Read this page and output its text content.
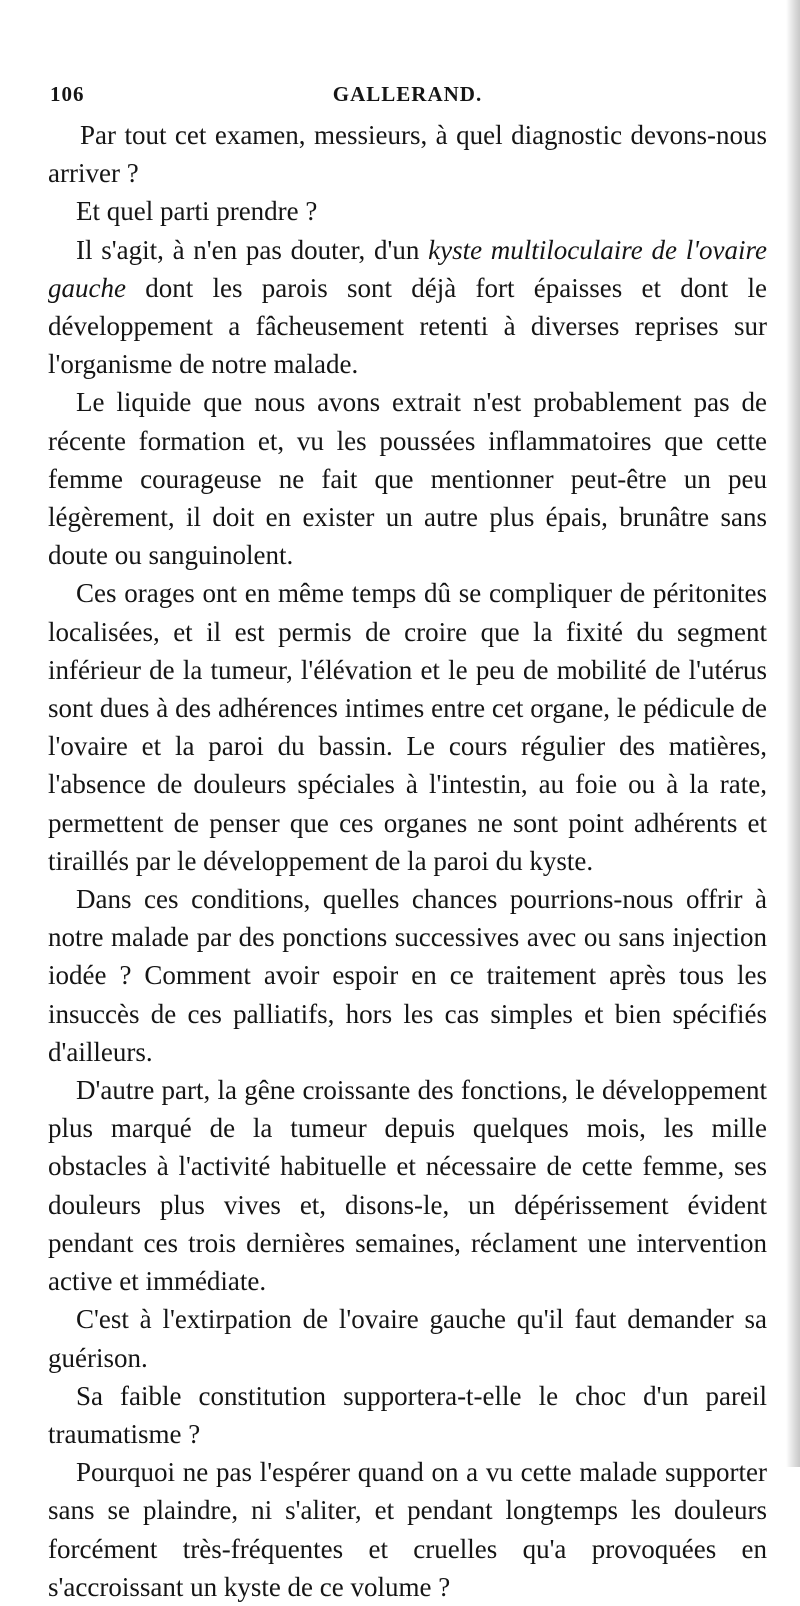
106	GALLERAND.

Par tout cet examen, messieurs, à quel diagnostic devons-nous arriver ?

Et quel parti prendre ?

Il s'agit, à n'en pas douter, d'un kyste multiloculaire de l'ovaire gauche dont les parois sont déjà fort épaisses et dont le développement a fâcheusement retenti à diverses reprises sur l'organisme de notre malade.

Le liquide que nous avons extrait n'est probablement pas de récente formation et, vu les poussées inflammatoires que cette femme courageuse ne fait que mentionner peut-être un peu légèrement, il doit en exister un autre plus épais, brunâtre sans doute ou sanguinolent.

Ces orages ont en même temps dû se compliquer de péritonites localisées, et il est permis de croire que la fixité du segment inférieur de la tumeur, l'élévation et le peu de mobilité de l'utérus sont dues à des adhérences intimes entre cet organe, le pédicule de l'ovaire et la paroi du bassin. Le cours régulier des matières, l'absence de douleurs spéciales à l'intestin, au foie ou à la rate, permettent de penser que ces organes ne sont point adhérents et tiraillés par le développement de la paroi du kyste.

Dans ces conditions, quelles chances pourrions-nous offrir à notre malade par des ponctions successives avec ou sans injection iodée ? Comment avoir espoir en ce traitement après tous les insuccès de ces palliatifs, hors les cas simples et bien spécifiés d'ailleurs.

D'autre part, la gêne croissante des fonctions, le développement plus marqué de la tumeur depuis quelques mois, les mille obstacles à l'activité habituelle et nécessaire de cette femme, ses douleurs plus vives et, disons-le, un dépérissement évident pendant ces trois dernières semaines, réclament une intervention active et immédiate.

C'est à l'extirpation de l'ovaire gauche qu'il faut demander sa guérison.

Sa faible constitution supportera-t-elle le choc d'un pareil traumatisme ?

Pourquoi ne pas l'espérer quand on a vu cette malade supporter sans se plaindre, ni s'aliter, et pendant longtemps les douleurs forcément très-fréquentes et cruelles qu'a provoquées en s'accroissant un kyste de ce volume ?
